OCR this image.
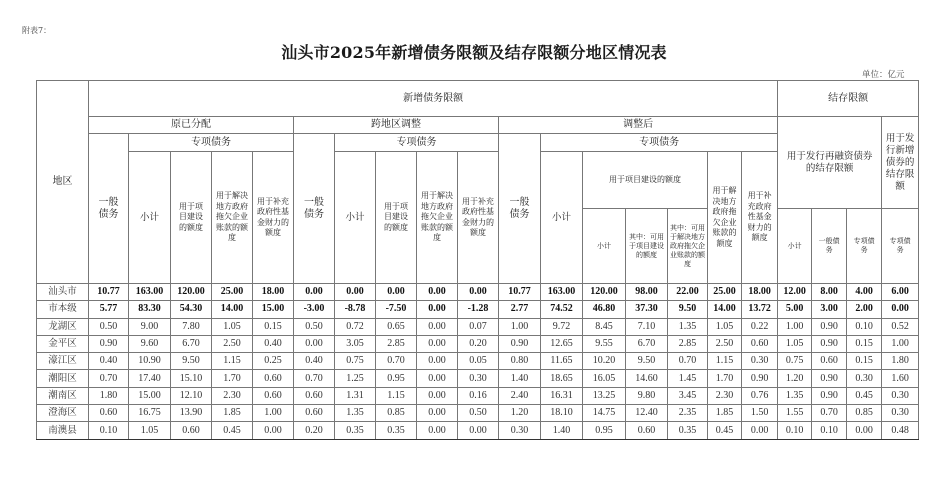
附表7：
汕头市2025年新增债务限额及结存限额分地区情况表
单位：亿元
地区	新增债务限额																	结存限额			
	原已分配					跨地区调整					调整后							用于发行再融资债券的结存限额			用于发行新增债券的结存限额
	一般债务	专项债务				一般债务	专项债务				一般债务	专项债务									
		小计	用于项目建设的额度	用于解决地方政府拖欠企业账款的额度	用于补充政府性基金财力的额度		小计	用于项目建设的额度	用于解决地方政府拖欠企业账款的额度	用于补充政府性基金财力的额度		小计	用于项目建设的额度			用于解决地方政府拖欠企业账款的额度	用于补充政府性基金财力的额度				
													小计	其中：可用于项目建设的额度	其中：可用于解决地方政府拖欠企业账款的额度			小计	一般债务	专项债务	专项债务
汕头市	10.77	163.00	120.00	25.00	18.00	0.00	0.00	0.00	0.00	0.00	10.77	163.00	120.00	98.00	22.00	25.00	18.00	12.00	8.00	4.00	6.00
市本级	5.77	83.30	54.30	14.00	15.00	-3.00	-8.78	-7.50	0.00	-1.28	2.77	74.52	46.80	37.30	9.50	14.00	13.72	5.00	3.00	2.00	0.00
龙湖区	0.50	9.00	7.80	1.05	0.15	0.50	0.72	0.65	0.00	0.07	1.00	9.72	8.45	7.10	1.35	1.05	0.22	1.00	0.90	0.10	0.52
金平区	0.90	9.60	6.70	2.50	0.40	0.00	3.05	2.85	0.00	0.20	0.90	12.65	9.55	6.70	2.85	2.50	0.60	1.05	0.90	0.15	1.00
濠江区	0.40	10.90	9.50	1.15	0.25	0.40	0.75	0.70	0.00	0.05	0.80	11.65	10.20	9.50	0.70	1.15	0.30	0.75	0.60	0.15	1.80
潮阳区	0.70	17.40	15.10	1.70	0.60	0.70	1.25	0.95	0.00	0.30	1.40	18.65	16.05	14.60	1.45	1.70	0.90	1.20	0.90	0.30	1.60
潮南区	1.80	15.00	12.10	2.30	0.60	0.60	1.31	1.15	0.00	0.16	2.40	16.31	13.25	9.80	3.45	2.30	0.76	1.35	0.90	0.45	0.30
澄海区	0.60	16.75	13.90	1.85	1.00	0.60	1.35	0.85	0.00	0.50	1.20	18.10	14.75	12.40	2.35	1.85	1.50	1.55	0.70	0.85	0.30
南澳县	0.10	1.05	0.60	0.45	0.00	0.20	0.35	0.35	0.00	0.00	0.30	1.40	0.95	0.60	0.35	0.45	0.00	0.10	0.10	0.00	0.48
